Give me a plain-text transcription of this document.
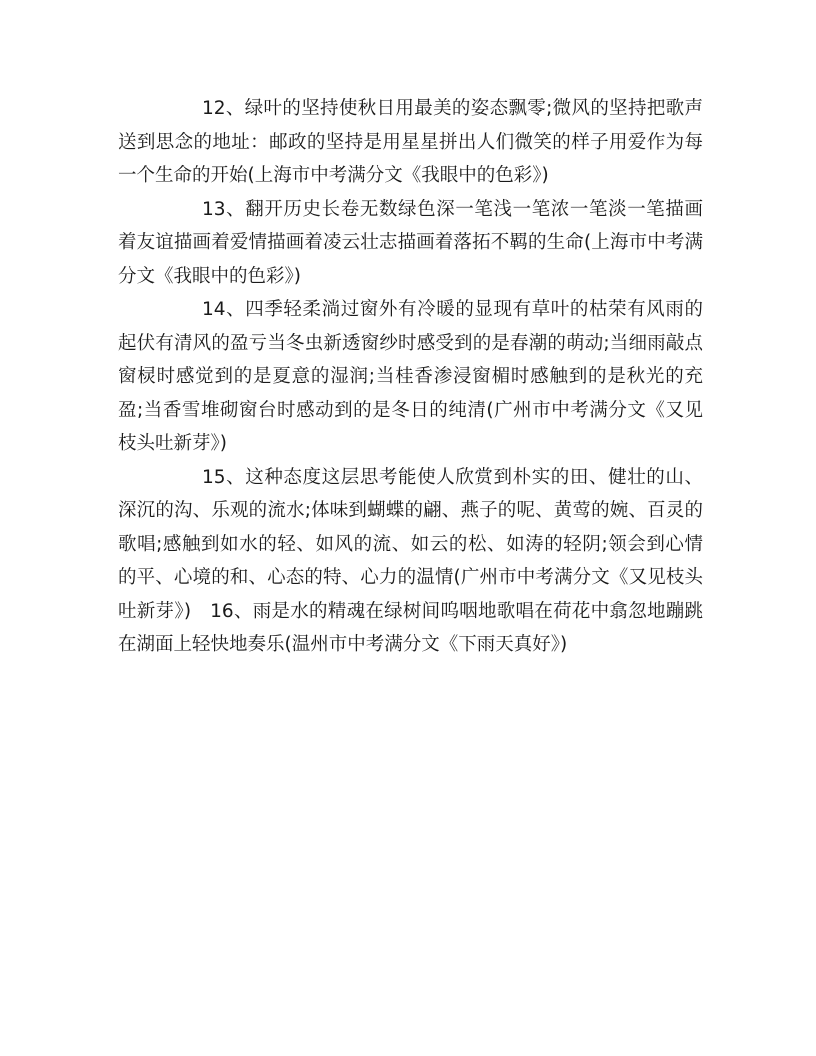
12、绿叶的坚持使秋日用最美的姿态飘零;微风的坚持把歌声送到思念的地址：邮政的坚持是用星星拼出人们微笑的样子用爱作为每一个生命的开始(上海市中考满分文《我眼中的色彩》)

13、翻开历史长卷无数绿色深一笔浅一笔浓一笔淡一笔描画着友谊描画着爱情描画着凌云壮志描画着落拓不羁的生命(上海市中考满分文《我眼中的色彩》)

14、四季轻柔淌过窗外有冷暖的显现有草叶的枯荣有风雨的起伏有清风的盈亏当冬虫新透窗纱时感受到的是春潮的萌动;当细雨敲点窗棂时感觉到的是夏意的湿润;当桂香渗浸窗楣时感触到的是秋光的充盈;当香雪堆砌窗台时感动到的是冬日的纯清(广州市中考满分文《又见枝头吐新芽》)

15、这种态度这层思考能使人欣赏到朴实的田、健壮的山、深沉的沟、乐观的流水;体味到蝴蝶的翩、燕子的呢、黄莺的婉、百灵的歌唱;感触到如水的轻、如风的流、如云的松、如涛的轻阴;领会到心情的平、心境的和、心态的特、心力的温情(广州市中考满分文《又见枝头吐新芽》)　16、雨是水的精魂在绿树间呜咽地歌唱在荷花中翕忽地蹦跳在湖面上轻快地奏乐(温州市中考满分文《下雨天真好》)
